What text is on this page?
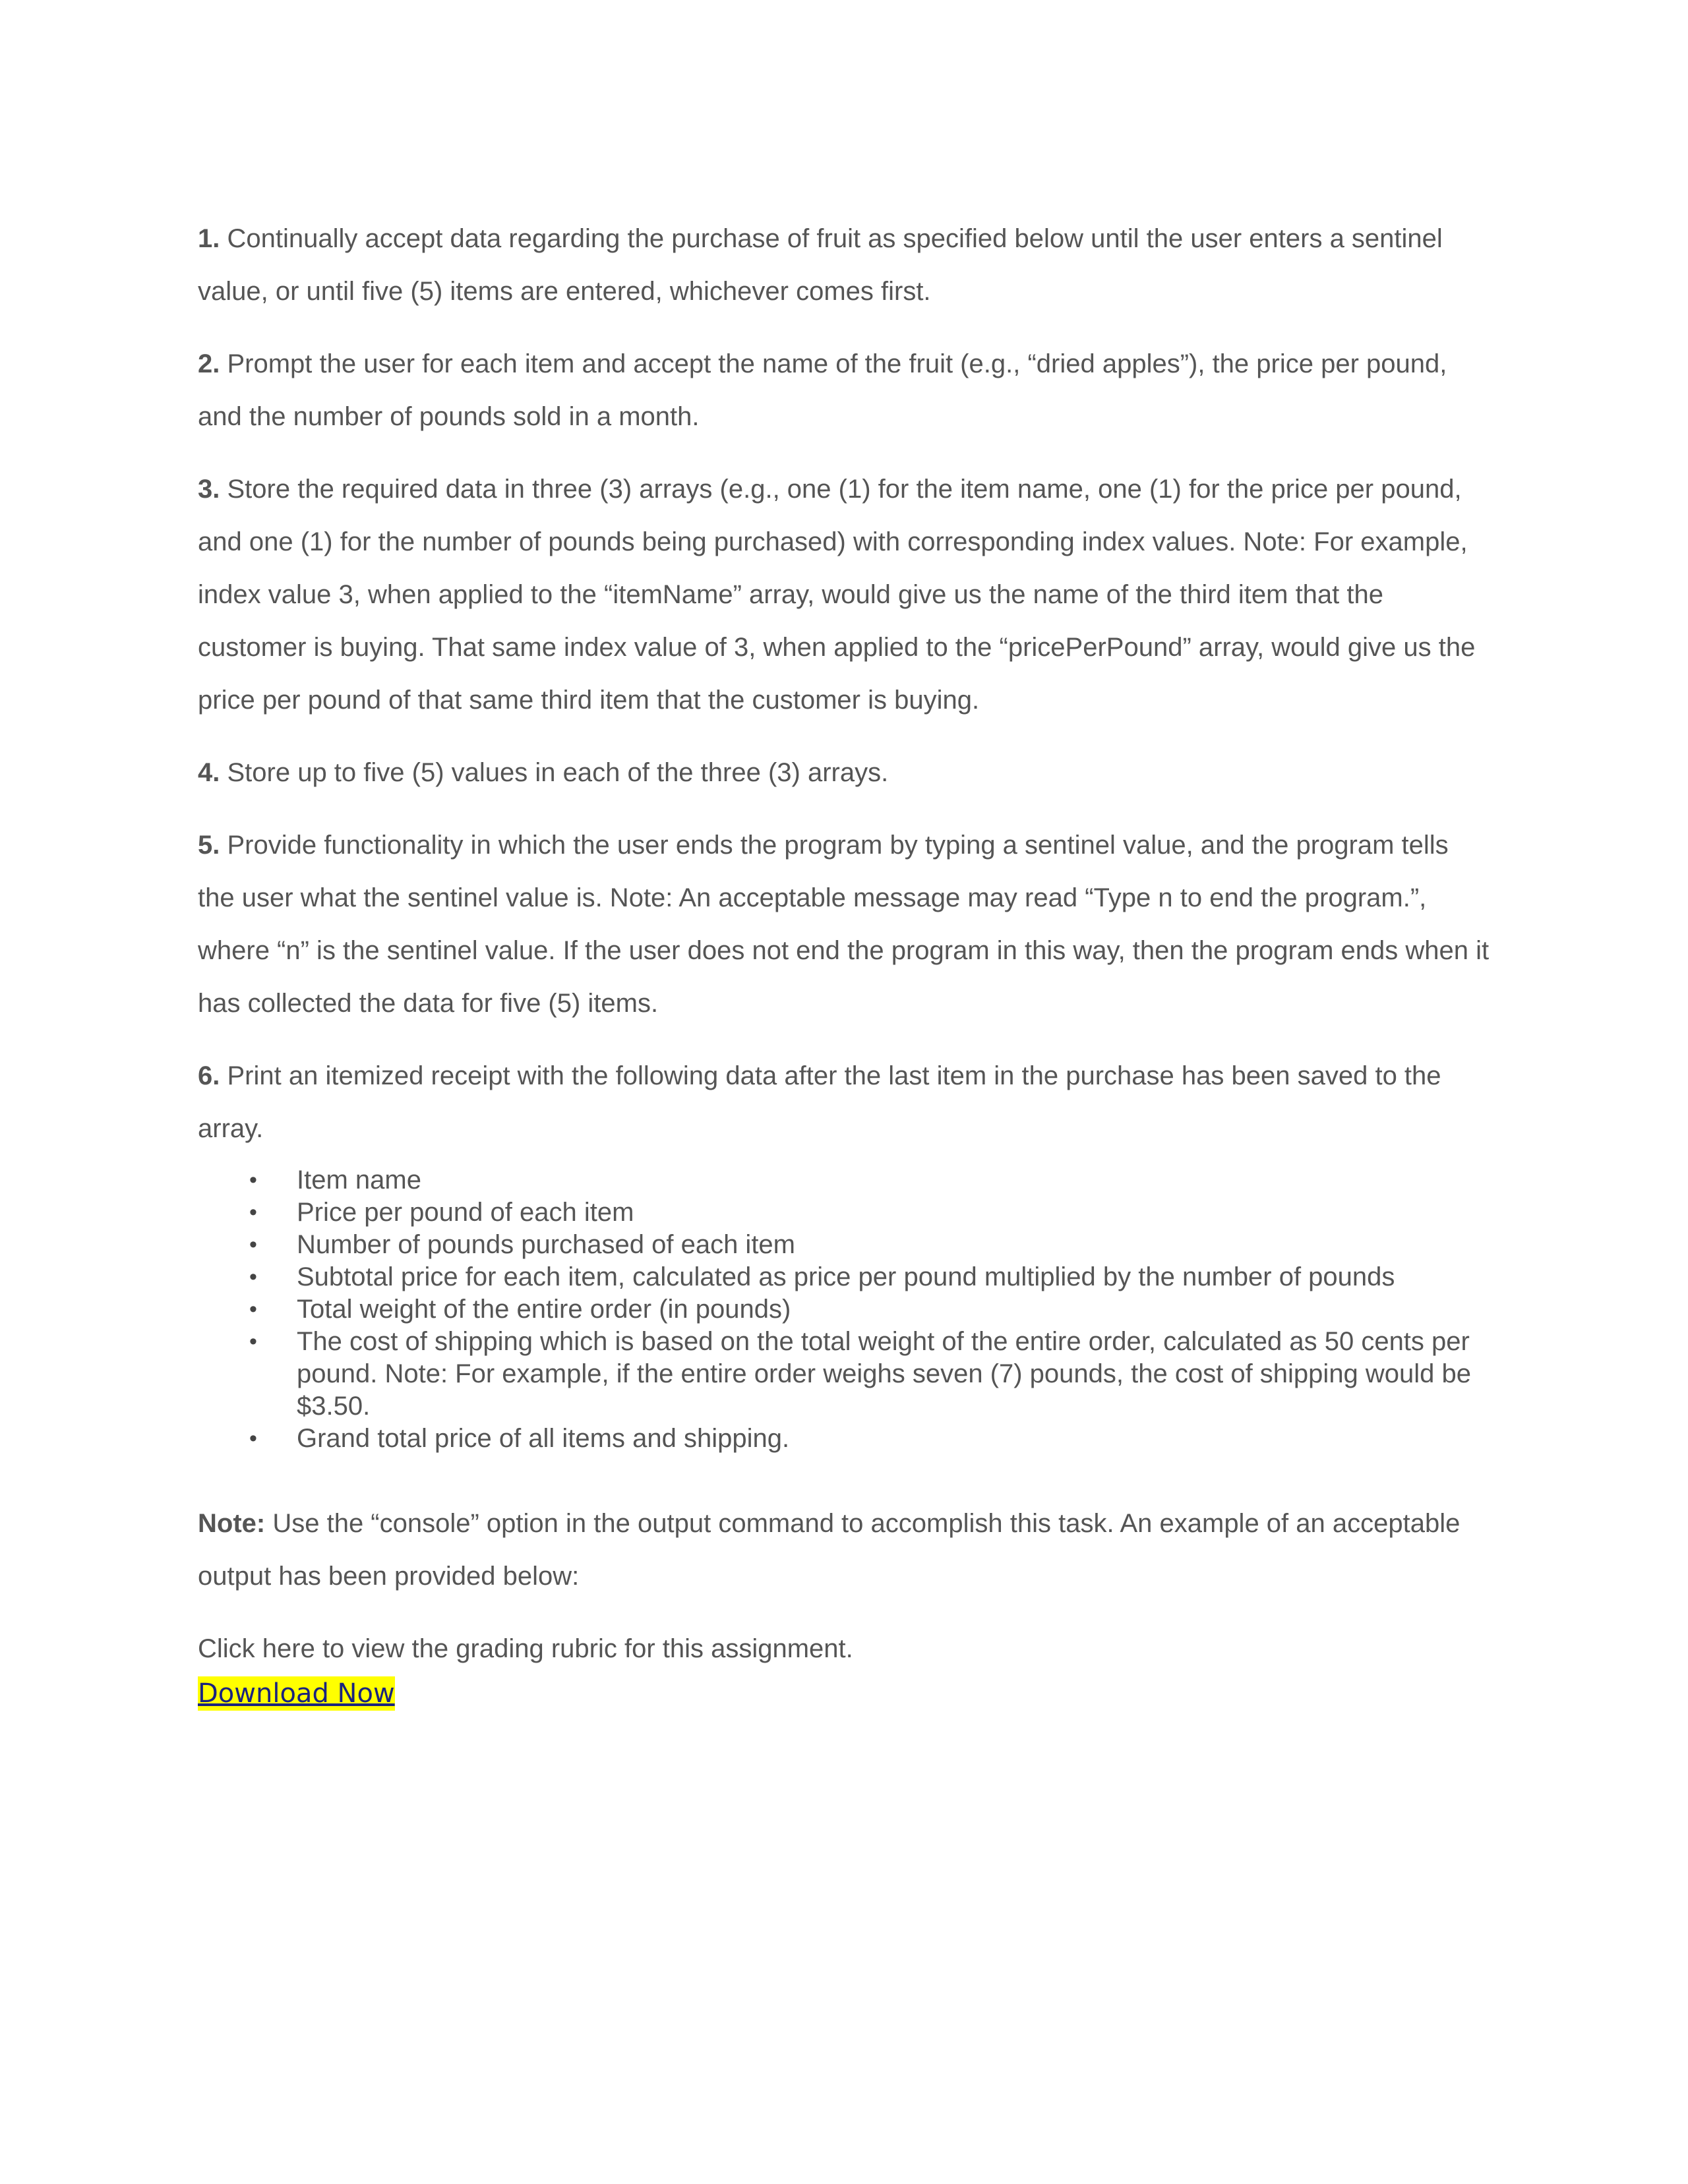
1. Continually accept data regarding the purchase of fruit as specified below until the user enters a sentinel value, or until five (5) items are entered, whichever comes first.

2. Prompt the user for each item and accept the name of the fruit (e.g., “dried apples”), the price per pound, and the number of pounds sold in a month.

3. Store the required data in three (3) arrays (e.g., one (1) for the item name, one (1) for the price per pound, and one (1) for the number of pounds being purchased) with corresponding index values. Note: For example, index value 3, when applied to the “itemName” array, would give us the name of the third item that the customer is buying. That same index value of 3, when applied to the “pricePerPound” array, would give us the price per pound of that same third item that the customer is buying.

4. Store up to five (5) values in each of the three (3) arrays.

5. Provide functionality in which the user ends the program by typing a sentinel value, and the program tells the user what the sentinel value is. Note: An acceptable message may read “Type n to end the program.”, where “n” is the sentinel value. If the user does not end the program in this way, then the program ends when it has collected the data for five (5) items.

6. Print an itemized receipt with the following data after the last item in the purchase has been saved to the array.

• Item name
• Price per pound of each item
• Number of pounds purchased of each item
• Subtotal price for each item, calculated as price per pound multiplied by the number of pounds
• Total weight of the entire order (in pounds)
• The cost of shipping which is based on the total weight of the entire order, calculated as 50 cents per pound. Note: For example, if the entire order weighs seven (7) pounds, the cost of shipping would be $3.50.
• Grand total price of all items and shipping.

Note: Use the “console” option in the output command to accomplish this task. An example of an acceptable output has been provided below:

Click here to view the grading rubric for this assignment.

Download Now
